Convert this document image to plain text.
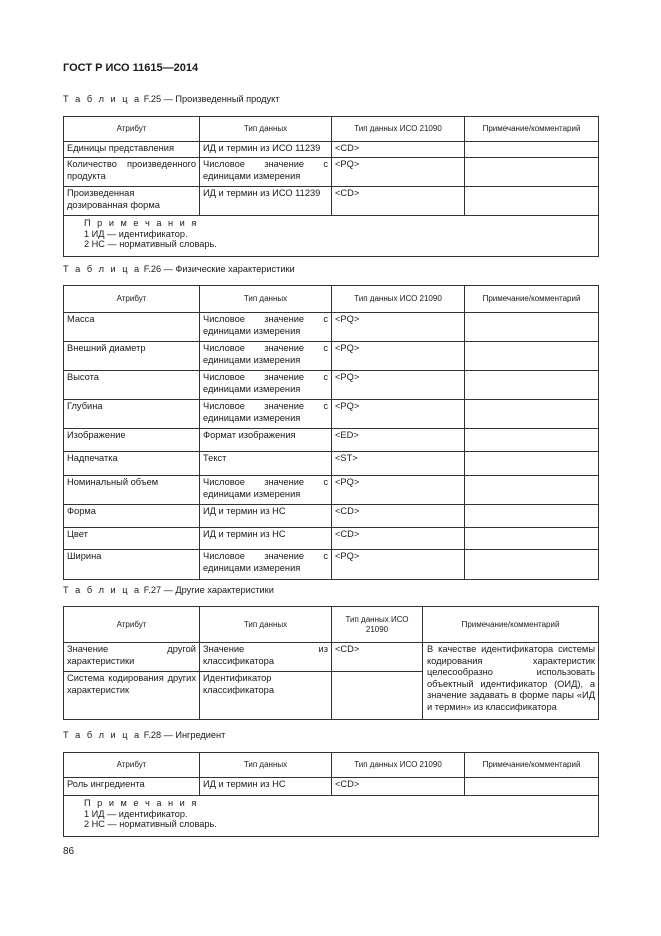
ГОСТ Р ИСО 11615—2014
Т а б л и ц а F.25 — Произведенный продукт
Атрибут	Тип данных	Тип данных ИСО 21090	Примечание/комментарий
Единицы представления	ИД и термин из ИСО 11239	<CD>	
Количество произведенного продукта	Числовое значение с единицами измерения	<PQ>	
Произведенная дозированная форма	ИД и термин из ИСО 11239	<CD>	

П р и м е ч а н и я
1 ИД — идентификатор.
2 НС — нормативный словарь.			
Т а б л и ц а F.26 — Физические характеристики
Атрибут	Тип данных	Тип данных ИСО 21090	Примечание/комментарий
Масса	Числовое значение с единицами измерения	<PQ>	
Внешний диаметр	Числовое значение с единицами измерения	<PQ>	
Высота	Числовое значение с единицами измерения	<PQ>	
Глубина	Числовое значение с единицами измерения	<PQ>	
Изображение	Формат изображения	<ED>	
Надпечатка	Текст	<ST>	
Номинальный объем	Числовое значение с единицами измерения	<PQ>	
Форма	ИД и термин из НС	<CD>	
Цвет	ИД и термин из НС	<CD>	
Ширина	Числовое значение с единицами измерения	<PQ>	
Т а б л и ц а F.27 — Другие характеристики
Атрибут	Тип данных	Тип данных ИСО 21090	Примечание/комментарий
Значение другой характеристики	Значение из классификатора	<CD>	В качестве идентификатора системы кодирования характеристик целесообразно использовать объектный идентификатор (ОИД), а значение задавать в форме пары «ИД и термин» из классификатора
Система кодирования других характеристик	Идентификатор классификатора		
Т а б л и ц а F.28 — Ингредиент
Атрибут	Тип данных	Тип данных ИСО 21090	Примечание/комментарий
Роль ингредиента	ИД и термин из НС	<CD>	

П р и м е ч а н и я
1 ИД — идентификатор.
2 НС — нормативный словарь.			
86
